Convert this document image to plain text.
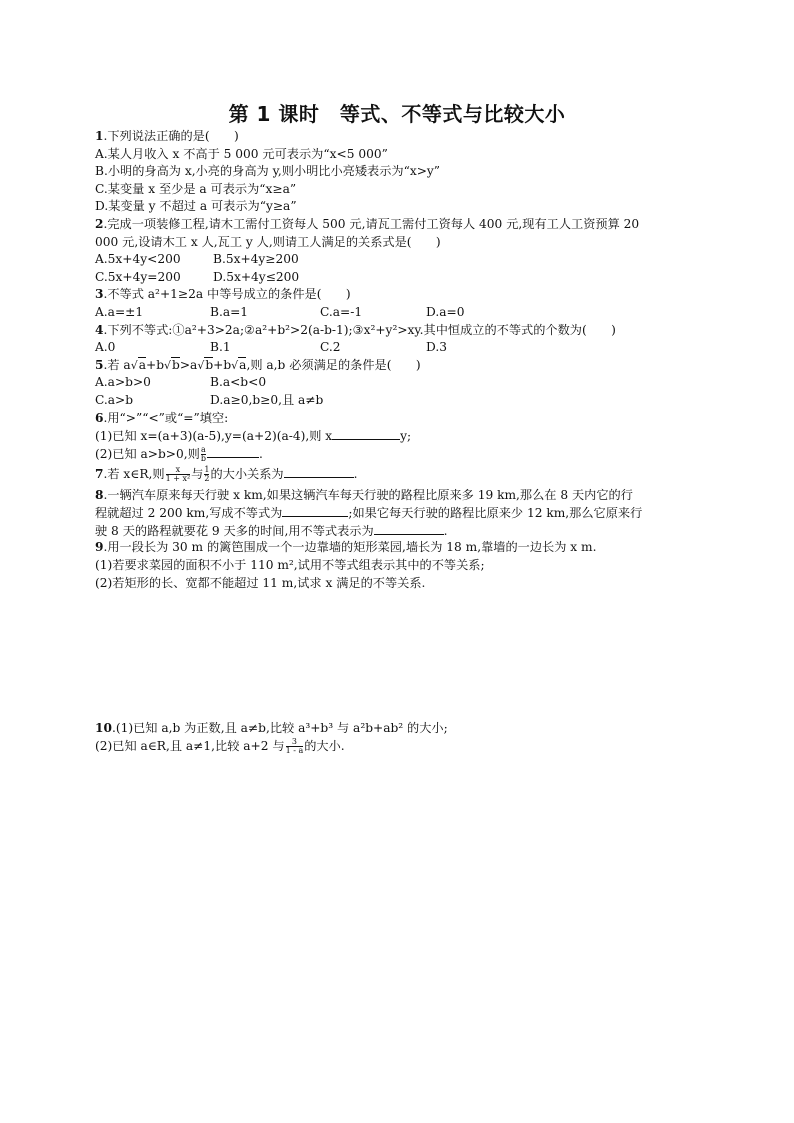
第 1 课时　等式、不等式与比较大小
1.下列说法正确的是(　　)
A.某人月收入 x 不高于 5 000 元可表示为“x<5 000”
B.小明的身高为 x,小亮的身高为 y,则小明比小亮矮表示为“x>y”
C.某变量 x 至少是 a 可表示为“x≥a”
D.某变量 y 不超过 a 可表示为“y≥a”
2.完成一项装修工程,请木工需付工资每人 500 元,请瓦工需付工资每人 400 元,现有工人工资预算 20
000 元,设请木工 x 人,瓦工 y 人,则请工人满足的关系式是(　　)
A.5x+4y<200	B.5x+4y≥200
C.5x+4y=200	D.5x+4y≤200
3.不等式 a²+1≥2a 中等号成立的条件是(　　)
A.a=±1	B.a=1	C.a=-1	D.a=0
4.下列不等式:①a²+3>2a;②a²+b²>2(a-b-1);③x²+y²>xy.其中恒成立的不等式的个数为(　　)
A.0	B.1	C.2	D.3
5.若 a√a+b√b>a√b+b√a,则 a,b 必须满足的条件是(　　)
A.a>b>0	B.a<b<0
C.a>b	D.a≥0,b≥0,且 a≠b
6.用“>”“<”或“=”填空:
(1)已知 x=(a+3)(a-5),y=(a+2)(a-4),则 x	y;
(2)已知 a>b>0,则 $\frac{a}{b}$	.
7.若 x∈R,则 $\frac{x}{\text{1 + x²}}$ 与 $\frac{1}{2}$ 的大小关系为	.
8.一辆汽车原来每天行驶 x km,如果这辆汽车每天行驶的路程比原来多 19 km,那么在 8 天内它的行
程就超过 2 200 km,写成不等式为	;如果它每天行驶的路程比原来少 12 km,那么它原来行
驶 8 天的路程就要花 9 天多的时间,用不等式表示为	.
9.用一段长为 30 m 的篱笆围成一个一边靠墙的矩形菜园,墙长为 18 m,靠墙的一边长为 x m.
(1)若要求菜园的面积不小于 110 m²,试用不等式组表示其中的不等关系;
(2)若矩形的长、宽都不能超过 11 m,试求 x 满足的不等关系.
10.(1)已知 a,b 为正数,且 a≠b,比较 a³+b³ 与 a²b+ab² 的大小;
(2)已知 a∈R,且 a≠1,比较 a+2 与 $\frac{3}{1 - a}$ 的大小.
